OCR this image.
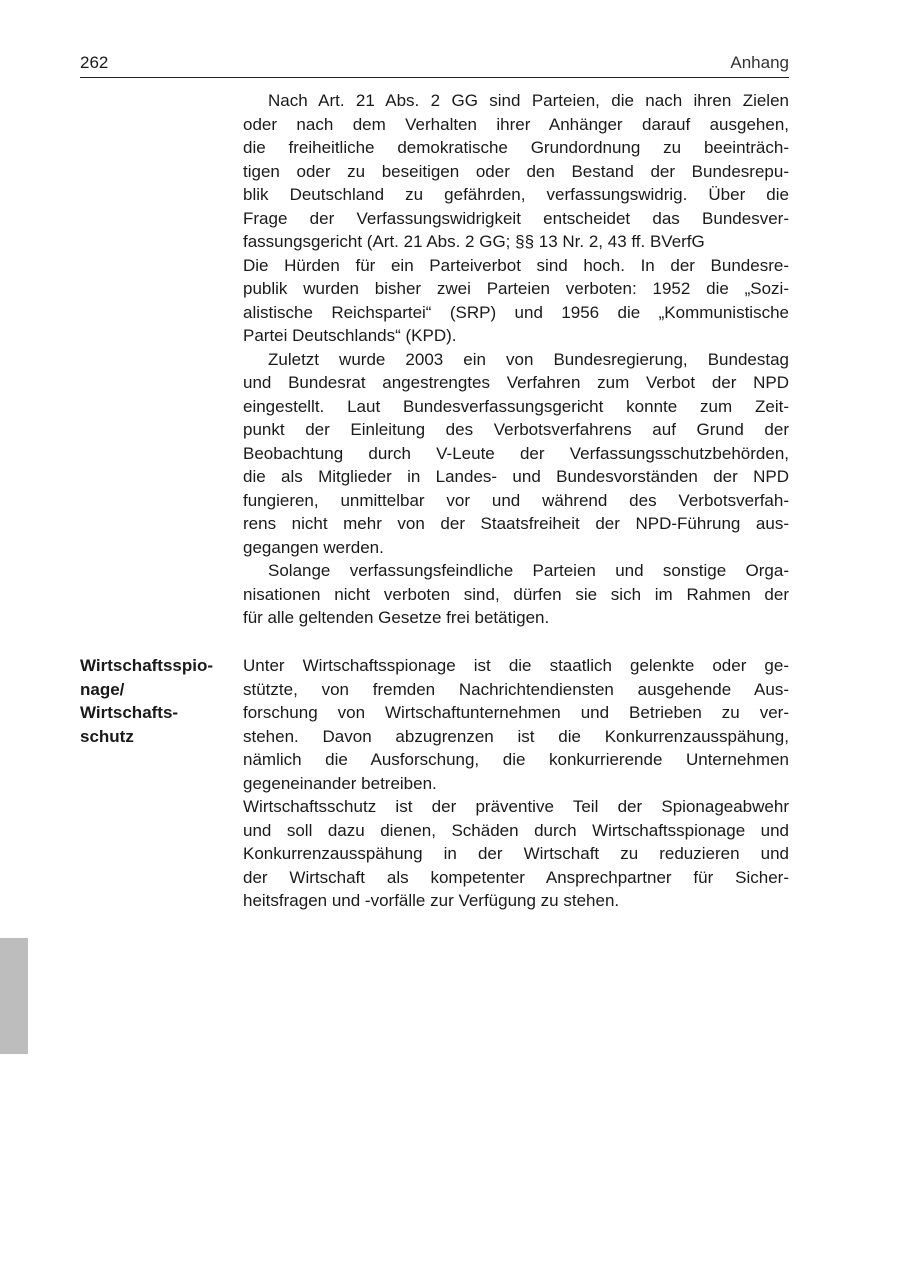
262	Anhang
Nach Art. 21 Abs. 2 GG sind Parteien, die nach ihren Zielen
oder nach dem Verhalten ihrer Anhänger darauf ausgehen,
die freiheitliche demokratische Grundordnung zu beeinträch-
tigen oder zu beseitigen oder den Bestand der Bundesrepu-
blik Deutschland zu gefährden, verfassungswidrig. Über die
Frage der Verfassungswidrigkeit entscheidet das Bundesver-
fassungsgericht (Art. 21 Abs. 2 GG; §§ 13 Nr. 2, 43 ff. BVerfG
Die Hürden für ein Parteiverbot sind hoch. In der Bundesre-
publik wurden bisher zwei Parteien verboten: 1952 die „Sozi-
alistische Reichspartei“ (SRP) und 1956 die „Kommunistische
Partei Deutschlands“ (KPD).
Zuletzt wurde 2003 ein von Bundesregierung, Bundestag
und Bundesrat angestrengtes Verfahren zum Verbot der NPD
eingestellt. Laut Bundesverfassungsgericht konnte zum Zeit-
punkt der Einleitung des Verbotsverfahrens auf Grund der
Beobachtung durch V-Leute der Verfassungsschutzbehörden,
die als Mitglieder in Landes- und Bundesvorständen der NPD
fungieren, unmittelbar vor und während des Verbotsverfah-
rens nicht mehr von der Staatsfreiheit der NPD-Führung aus-
gegangen werden.
Solange verfassungsfeindliche Parteien und sonstige Orga-
nisationen nicht verboten sind, dürfen sie sich im Rahmen der
für alle geltenden Gesetze frei betätigen.
Wirtschaftsspio-
nage/
Wirtschafts-
schutz
Unter Wirtschaftsspionage ist die staatlich gelenkte oder ge-
stützte, von fremden Nachrichtendiensten ausgehende Aus-
forschung von Wirtschaftunternehmen und Betrieben zu ver-
stehen. Davon abzugrenzen ist die Konkurrenzausspähung,
nämlich die Ausforschung, die konkurrierende Unternehmen
gegeneinander betreiben.
Wirtschaftsschutz ist der präventive Teil der Spionageabwehr
und soll dazu dienen, Schäden durch Wirtschaftsspionage und
Konkurrenzausspähung in der Wirtschaft zu reduzieren und
der Wirtschaft als kompetenter Ansprechpartner für Sicher-
heitsfragen und -vorfälle zur Verfügung zu stehen.
